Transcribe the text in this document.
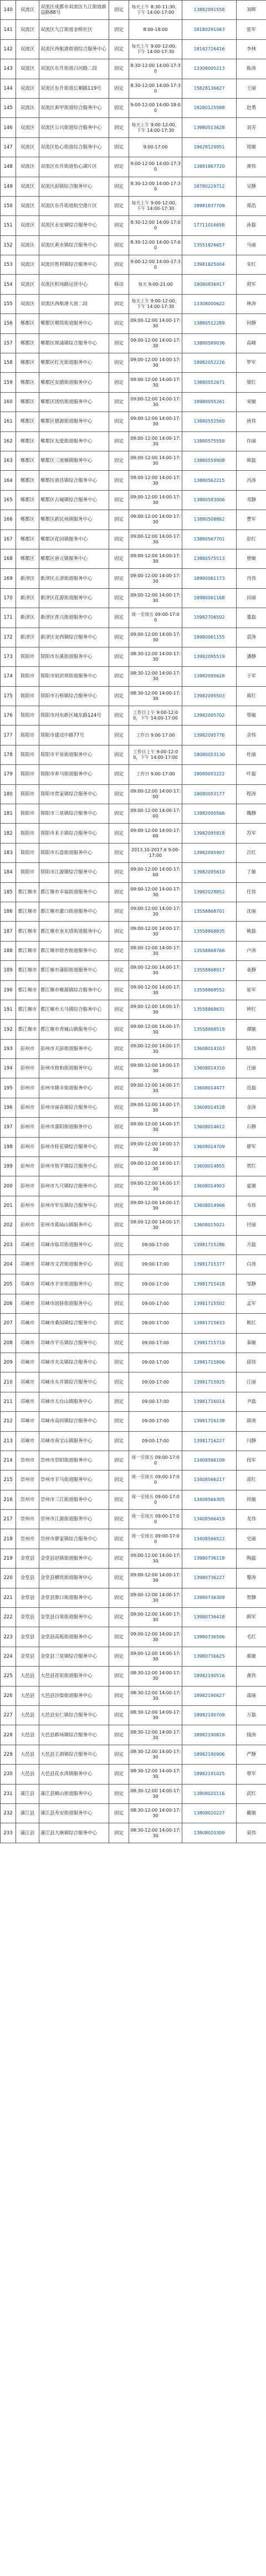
140	双流区	双流区成都市双流区九江街道新益路88号	固定	每天上午 8:30-11:30，下午 14:00-17:00	13882091558	刘晖
141	双流区	双流区九江街道金桥社区	固定	8:00-18:00	18180291063	张军
142	双流区	双流区西航港街道综合服务中心	固定	每天上午 9:00-12:00，下午 14:00-17:30	18182726416	李林
143	双流区	双流区东升街道白河路二段	固定	8:30-12:00 14:00-17:30	13308005213	陈涛
144	双流区	双流区东升街道长顺路119号	固定	8:30-12:00 14:00-17:30	15828136627	王丽
145	双流区	双流区黄甲街道综合服务中心	固定	9:00-12:00 14:00-18:00	18280125588	赵勇
146	双流区	双流区公兴街道综合服务中心	固定	每天上午 9:00-12:00，下午 14:00-17:30	13980513628	刘芳
147	双流区	双流区怡心街道综合服务中心	固定	9:00-17:00	18628129951	周敏
148	双流区	双流区东升街道怡心湖片区	固定	9:00-12:00 14:00-17:30	13881867720	黄伟
149	双流区	双流区彭镇综合服务中心	固定	8:30-12:00 14:00-17:30	18780229712	吴静
150	双流区	双流区东升街道航空港片区	固定	每天上午 9:00-12:00，下午 14:00-17:30	18981837709	郑浩
151	双流区	双流区永安镇综合服务中心	固定	8:30-12:00 14:00-17:00	17711016658	孙磊
152	双流区	双流区黄水镇综合服务中心	固定	8:30-12:00 14:00-17:00	13551826657	马丽
153	双流区	双流区胜利镇综合服务中心	固定	9:00-12:00 14:00-17:30	13981825004	朱红
154	双流区	双流区机场路运营中心	移动	每天 9:00-21:00	18080836917	胡军
155	双流区	双流区西航港大道二段	固定	每天上午 9:00-12:00，下午 14:00-17:30	13308000622	林涛
156	郫都区	郫都区郫筒街道服务中心	固定	09:00-12:00 14:00-17:30	13880512289	何静
157	郫都区	郫都区犀浦镇综合服务中心	固定	09:00-12:00 14:00-17:30	13880589036	高峰
158	郫都区	郫都区红光街道服务中心	固定	09:00-12:00 14:00-17:30	18982052226	罗军
159	郫都区	郫都区安德街道服务中心	固定	09:00-12:00 14:00-17:30	13880552671	梁红
160	郫都区	郫都区团结街道服务中心	固定	09:00-12:00 14:00-17:30	18980055261	宋敏
161	郫都区	郫都区德源街道服务中心	固定	09:00-12:00 14:00-17:30	13880552560	唐伟
162	郫都区	郫都区友爱街道服务中心	固定	09:00-12:00 14:00-17:30	13880575558	许丽
163	郫都区	郫都区三道堰镇服务中心	固定	09:00-12:00 14:00-17:30	13880559908	韩磊
164	郫都区	郫都区唐昌镇综合服务中心	固定	09:00-12:00 14:00-17:30	13880562215	冯涛
165	郫都区	郫都区古城镇综合服务中心	固定	09:00-12:00 14:00-17:30	13880583006	邓静
166	郫都区	郫都区新民场镇服务中心	固定	09:00-12:00 14:00-17:30	13880508862	曹军
167	郫都区	郫都区花园镇服务中心	固定	09:00-12:00 14:00-17:30	13880567701	彭红
168	郫都区	郫都区唐元镇服务中心	固定	09:00-12:00 14:00-17:30	13880575513	曾敏
169	新津区	新津区五津街道服务中心	固定	09:00-12:00 14:00-17:30	18980061173	肖伟
170	新津区	新津区花源街道服务中心	固定	09:00-12:00 14:00-17:30	18980061168	田丽
171	新津区	新津区普兴街道服务中心	固定	周一至周五 09:00-17:00	15982706502	董磊
172	新津区	新津区安西镇综合服务中心	固定	09:00-12:00 14:00-17:30	18980061155	袁涛
173	简阳市	简阳市东溪街道服务中心	固定	08:30-12:00 14:00-17:30	13982095519	潘静
174	简阳市	简阳市射洪坝街道服务中心	固定	08:30-12:00 14:00-17:30	13982095628	于军
175	简阳市	简阳市石桥镇综合服务中心	固定	08:30-12:00 14:00-17:30	13982095503	蒋红
176	简阳市	简阳市河东新区城东路124号	固定	工作日上午 9:00-12:00，下午 14:00-17:00	13982095702	蔡敏
177	简阳市	简阳市建设中路77号	固定	工作日 9:00-17:00	13982095776	余伟
178	简阳市	简阳市平泉街道服务中心	固定	工作日上午 9:00-12:00，下午 14:00-17:00	18080053130	杜丽
179	简阳市	简阳市养马街道服务中心	固定	工作日 9:00-17:00	18080053222	叶磊
180	简阳市	简阳市贾家镇综合服务中心	固定	09:00-12:00 14:00-17:00	18080053177	程涛
181	简阳市	简阳市三星镇综合服务中心	固定	09:00-12:00 14:00-17:00	13982095566	魏静
182	简阳市	简阳市禾丰镇综合服务中心	固定	09:00-12:00 14:00-17:00	13982095818	苏军
183	简阳市	简阳市石盘街道服务中心	固定	2013.10-2017.6 9:00-17:00	13982095907	吕红
184	简阳市	简阳市江源镇综合服务中心	固定	09:00-12:00 14:00-17:00	13982095610	丁敏
185	都江堰市	都江堰市幸福街道服务中心	固定	09:00-12:00 14:00-17:30	13982028852	任伟
186	都江堰市	都江堰市灌口街道服务中心	固定	09:00-12:00 14:00-17:30	13558868701	沈丽
187	都江堰市	都江堰市奎光塔街道服务中心	固定	09:00-12:00 14:00-17:30	13558868835	姚磊
188	都江堰市	都江堰市银杏街道服务中心	固定	09:00-12:00 14:00-17:30	13558868766	卢涛
189	都江堰市	都江堰市蒲阳街道服务中心	固定	09:00-12:00 14:00-17:30	13558868917	姜静
190	都江堰市	都江堰市聚源镇综合服务中心	固定	09:00-12:00 14:00-17:30	13558868552	崔军
191	都江堰市	都江堰市天马镇综合服务中心	固定	09:00-12:00 14:00-17:30	13558868631	钟红
192	都江堰市	都江堰市青城山镇服务中心	固定	09:00-12:00 14:00-17:30	13558868519	谭敏
193	彭州市	彭州市天彭街道服务中心	固定	09:00-12:00 14:00-17:30	13608014203	陆伟
194	彭州市	彭州市致和街道服务中心	固定	09:00-12:00 14:00-17:30	13608014310	汪丽
195	彭州市	彭州市隆丰街道服务中心	固定	09:00-12:00 14:00-17:30	13608014477	范磊
196	彭州市	彭州市丽春镇综合服务中心	固定	09:00-12:00 14:00-17:30	13608014528	金涛
197	彭州市	彭州市濛阳街道服务中心	固定	09:00-12:00 14:00-17:30	13608014612	石静
198	彭州市	彭州市桂花镇综合服务中心	固定	09:00-12:00 14:00-17:30	13608014709	廖军
199	彭州市	彭州市敖平镇综合服务中心	固定	09:00-12:00 14:00-17:30	13608014855	贾红
200	彭州市	彭州市九尺镇综合服务中心	固定	09:00-12:00 14:00-17:30	13608014903	夏敏
201	彭州市	彭州市军乐镇综合服务中心	固定	09:00-12:00 14:00-17:30	13608014966	韦伟
202	彭州市	彭州市葛仙山镇服务中心	固定	09:00-12:00 14:00-17:30	13608015021	付丽
203	邛崃市	邛崃市临邛街道服务中心	固定	09:00-17:00	13981715286	方磊
204	邛崃市	邛崃市文君街道服务中心	固定	09:00-17:00	13981715377	白涛
205	邛崃市	邛崃市羊安街道服务中心	固定	09:00-17:00	13981715418	邹静
206	邛崃市	邛崃市固驿街道服务中心	固定	09:00-17:00	13981715502	孟军
207	邛崃市	邛崃市桑园镇综合服务中心	固定	09:00-17:00	13981715633	熊红
208	邛崃市	邛崃市平乐镇综合服务中心	固定	09:00-17:00	13981715719	秦敏
209	邛崃市	邛崃市夹关镇综合服务中心	固定	09:00-17:00	13981715806	邱伟
210	邛崃市	邛崃市火井镇综合服务中心	固定	09:00-17:00	13981715925	江丽
211	邛崃市	邛崃市天台山镇服务中心	固定	09:00-17:00	13981716014	尹磊
212	邛崃市	邛崃市高何镇综合服务中心	固定	09:00-17:00	13981716138	薛涛
213	邛崃市	邛崃市南宝山镇服务中心	固定	09:00-17:00	13981716227	闫静
214	崇州市	崇州市崇阳街道服务中心	固定	周一至周五 09:00-17:00	13408566108	段军
215	崇州市	崇州市羊马街道服务中心	固定	周一至周五 09:00-17:00	13408566217	雷红
216	崇州市	崇州市三江街道服务中心	固定	周一至周五 09:00-17:00	13408566305	侯敏
217	崇州市	崇州市江源街道服务中心	固定	周一至周五 09:00-17:00	13408566419	龙伟
218	崇州市	崇州市廖家镇综合服务中心	固定	周一至周五 09:00-17:00	13408566522	史丽
219	金堂县	金堂县赵镇街道服务中心	固定	09:00-12:00 14:00-17:30	13980736118	陶磊
220	金堂县	金堂县栖贤街道服务中心	固定	09:00-12:00 14:00-17:30	13980736227	黎涛
221	金堂县	金堂县淮口街道服务中心	固定	09:00-12:00 14:00-17:30	13980736309	贺静
222	金堂县	金堂县白果街道服务中心	固定	09:00-12:00 14:00-17:30	13980736418	顾军
223	金堂县	金堂县高板街道服务中心	固定	09:00-12:00 14:00-17:30	13980736506	毛红
224	金堂县	金堂县三星镇综合服务中心	固定	09:00-12:00 14:00-17:30	13980736625	郝敏
225	大邑县	大邑县晋原街道服务中心	固定	08:30-12:00 14:00-17:30	18982190516	龚伟
226	大邑县	大邑县沙渠街道服务中心	固定	08:30-12:00 14:00-17:30	18982190627	邵丽
227	大邑县	大邑县安仁镇综合服务中心	固定	08:30-12:00 14:00-17:30	18982190709	万磊
228	大邑县	大邑县新场镇综合服务中心	固定	08:30-12:00 14:00-17:30	18982190818	钱涛
229	大邑县	大邑县王泗镇综合服务中心	固定	08:30-12:00 14:00-17:30	18982190906	严静
230	大邑县	大邑县花水湾镇服务中心	固定	08:30-12:00 14:00-17:30	18982191025	覃军
231	蒲江县	蒲江县鹤山街道服务中心	固定	08:30-12:00 14:00-17:30	13808020116	武红
232	蒲江县	蒲江县寿安街道服务中心	固定	08:30-12:00 14:00-17:30	13808020227	戴敏
233	蒲江县	蒲江县大塘镇综合服务中心	固定	08:30-12:00 14:00-17:30	13808020309	莫伟
